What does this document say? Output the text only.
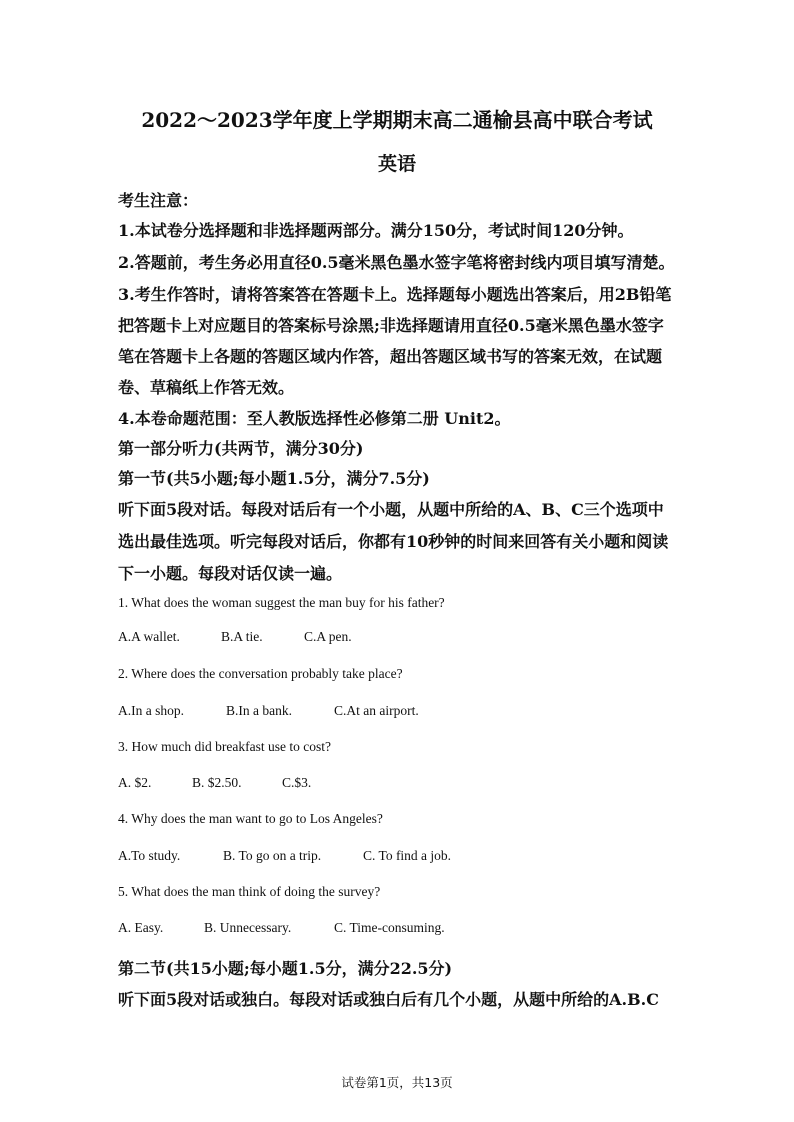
2022～2023学年度上学期期末高二通榆县高中联合考试
英语
考生注意：
1.本试卷分选择题和非选择题两部分。满分150分，考试时间120分钟。
2.答题前，考生务必用直径0.5毫米黑色墨水签字笔将密封线内项目填写清楚。
3.考生作答时，请将答案答在答题卡上。选择题每小题选出答案后，用2B铅笔
把答题卡上对应题目的答案标号涂黑;非选择题请用直径0.5毫米黑色墨水签字
笔在答题卡上各题的答题区域内作答，超出答题区域书写的答案无效，在试题
卷、草稿纸上作答无效。
4.本卷命题范围：至人教版选择性必修第二册 Unit2。
第一部分听力(共两节，满分30分)
第一节(共5小题;每小题1.5分，满分7.5分)
听下面5段对话。每段对话后有一个小题，从题中所给的A、B、C三个选项中
选出最佳选项。听完每段对话后，你都有10秒钟的时间来回答有关小题和阅读
下一小题。每段对话仅读一遍。
1. What does the woman suggest the man buy for his father?
A.A wallet.	B.A tie.	C.A pen.
2. Where does the conversation probably take place?
A.In a shop.	B.In a bank.	C.At an airport.
3. How much did breakfast use to cost?
A. $2.	B. $2.50.	C.$3.
4. Why does the man want to go to Los Angeles?
A.To study.	B. To go on a trip.	C. To find a job.
5. What does the man think of doing the survey?
A. Easy.	B. Unnecessary.	C. Time-consuming.
第二节(共15小题;每小题1.5分，满分22.5分)
听下面5段对话或独白。每段对话或独白后有几个小题，从题中所给的A.B.C
试卷第1页，共13页
